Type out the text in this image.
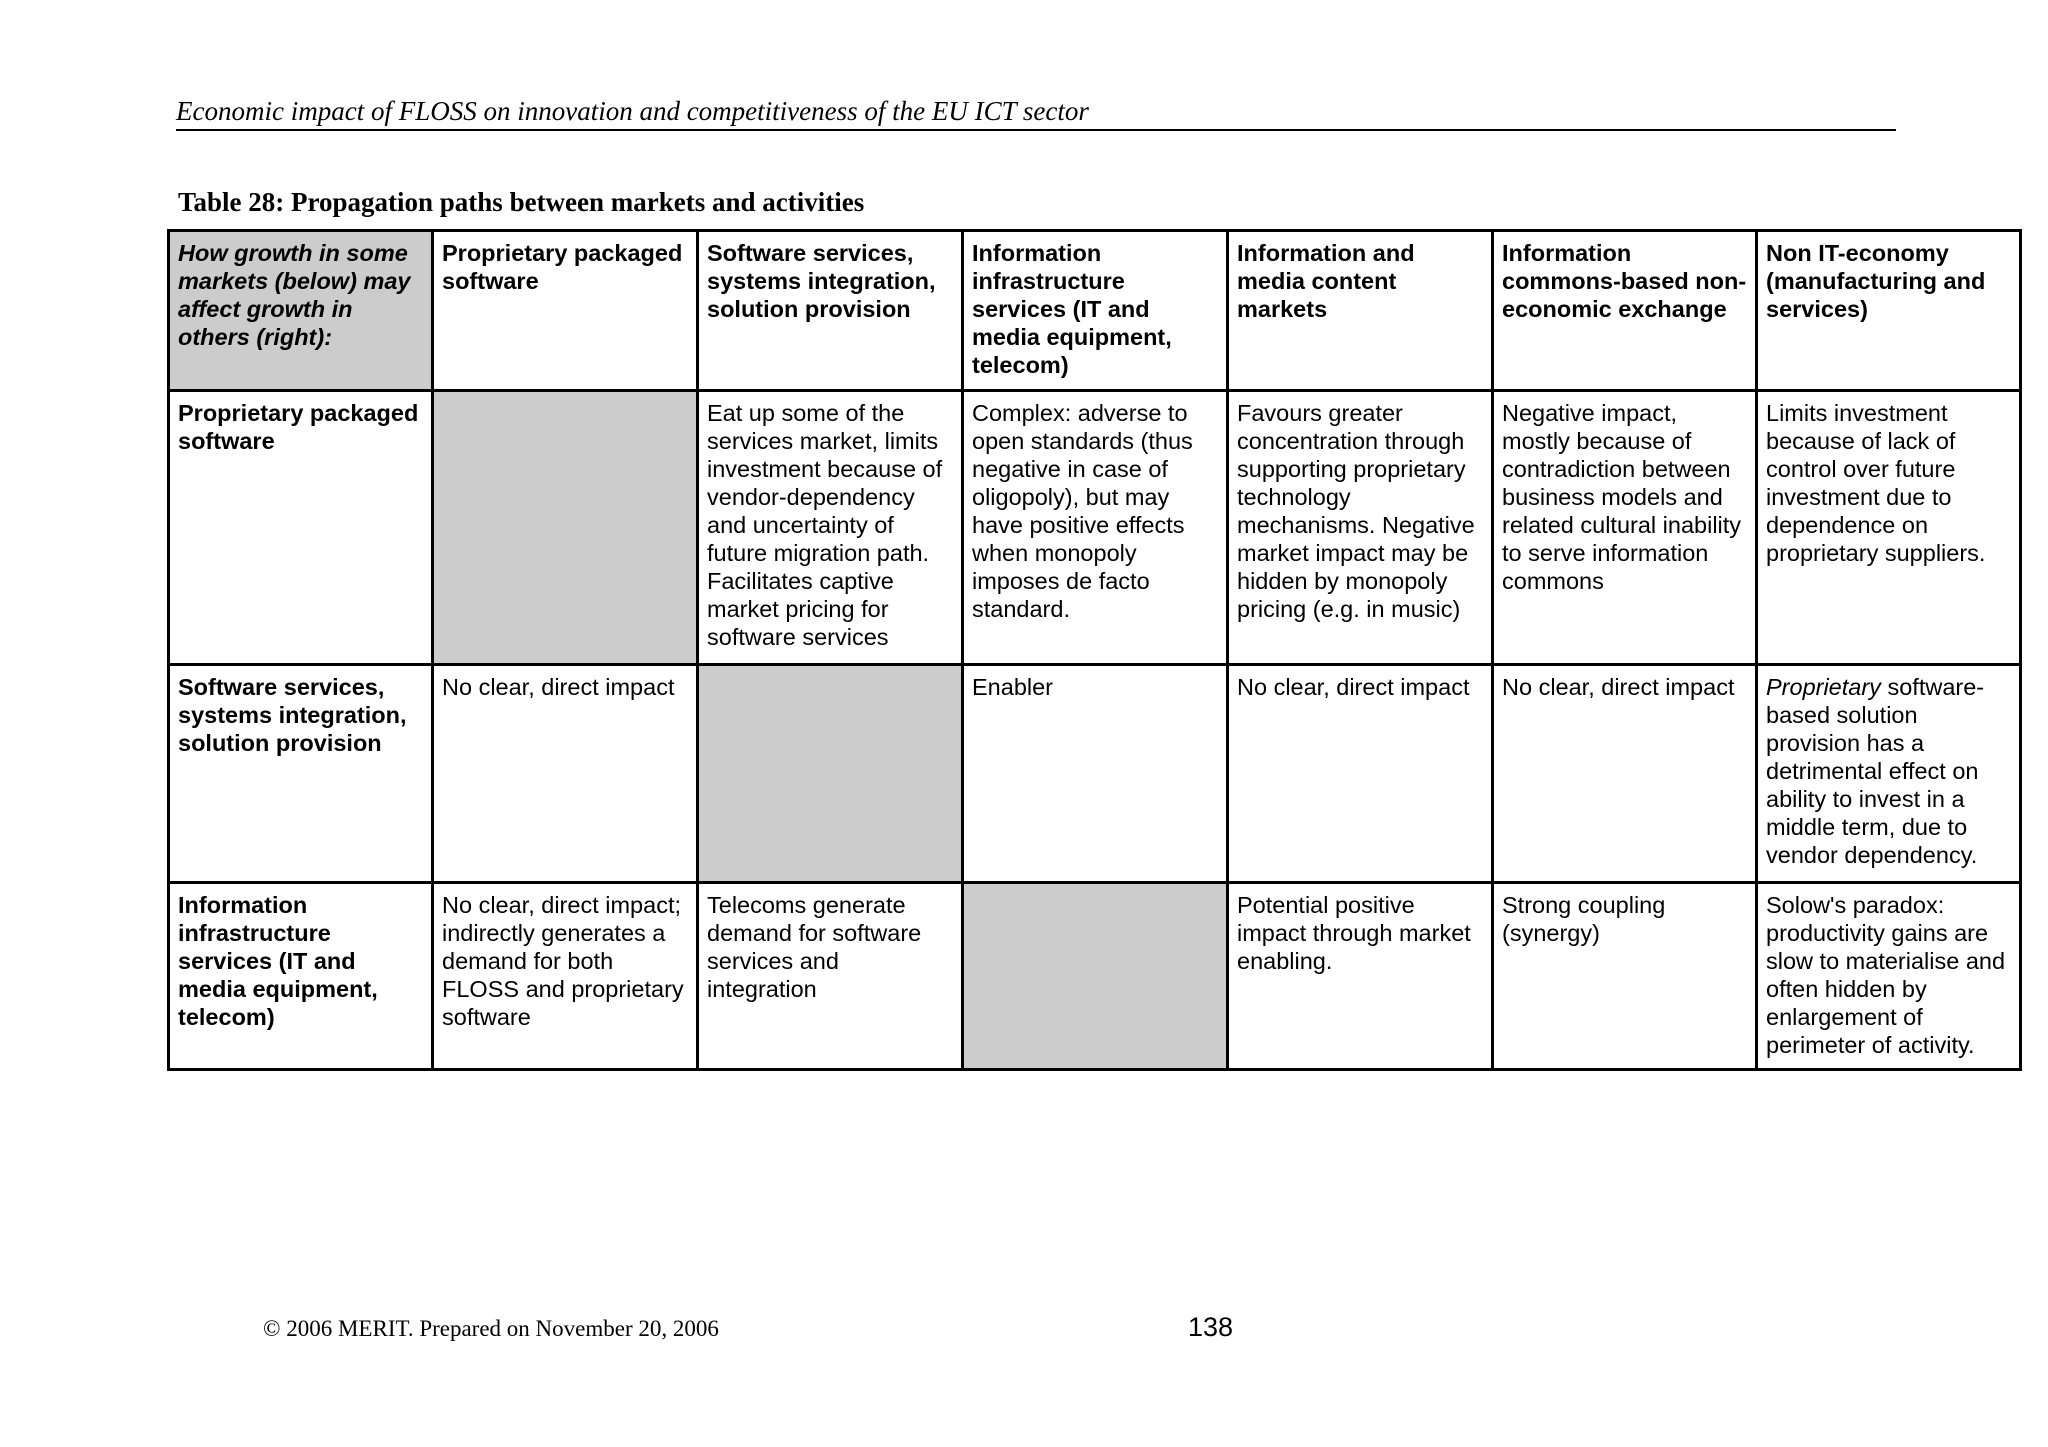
Economic impact of FLOSS on innovation and competitiveness of the EU ICT sector
Table 28: Propagation paths between markets and activities
How growth in some markets (below) may affect growth in others (right):	Proprietary packaged software	Software services, systems integration, solution provision	Information infrastructure services (IT and media equipment, telecom)	Information and media content markets	Information commons-based non-economic exchange	Non IT-economy (manufacturing and services)
Proprietary packaged software		Eat up some of the services market, limits investment because of vendor-dependency and uncertainty of future migration path. Facilitates captive market pricing for software services	Complex: adverse to open standards (thus negative in case of oligopoly), but may have positive effects when monopoly imposes de facto standard.	Favours greater concentration through supporting proprietary technology mechanisms. Negative market impact may be hidden by monopoly pricing (e.g. in music)	Negative impact, mostly because of contradiction between business models and related cultural inability to serve information commons	Limits investment because of lack of control over future investment due to dependence on proprietary suppliers.
Software services, systems integration, solution provision	No clear, direct impact		Enabler	No clear, direct impact	No clear, direct impact	Proprietary software-based solution provision has a detrimental effect on ability to invest in a middle term, due to vendor dependency.
Information infrastructure services (IT and media equipment, telecom)	No clear, direct impact; indirectly generates a demand for both FLOSS and proprietary software	Telecoms generate demand for software services and integration		Potential positive impact through market enabling.	Strong coupling (synergy)	Solow's paradox: productivity gains are slow to materialise and often hidden by enlargement of perimeter of activity.
© 2006 MERIT. Prepared on November 20, 2006	138
